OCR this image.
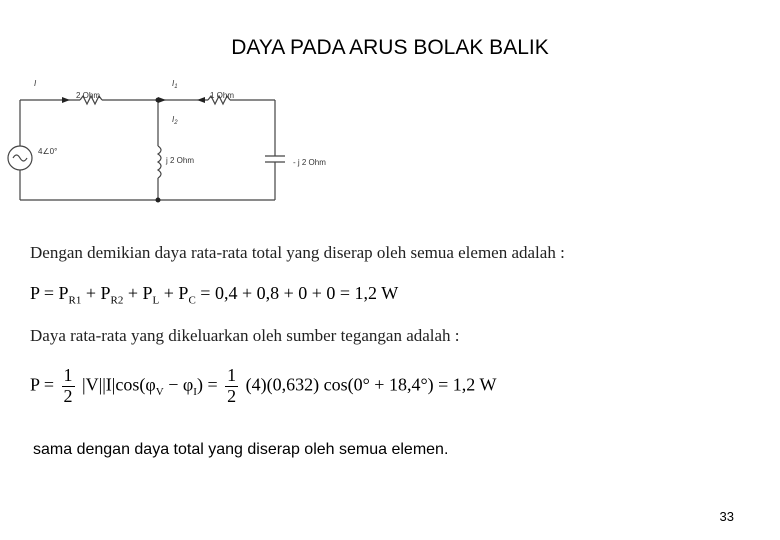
DAYA PADA ARUS BOLAK BALIK
I
2 Ohm
$I_1$
1 Ohm
$I_2$
4∠0°
j 2 Ohm	- j 2 Ohm
Dengan demikian daya rata-rata total yang diserap oleh semua elemen adalah :
$P = P_{R1} + P_{R2} + P_L + P_C = 0,4 + 0,8 + 0 + 0 = 1,2$ W
Daya rata-rata yang dikeluarkan oleh sumber tegangan adalah :
$P = \frac{1}{2} |V||I|\cos(\varphi_V - \varphi_I) = \frac{1}{2} (4)(0,632) \cos(0^\circ + 18,4^\circ) = 1,2$ W
sama dengan daya total yang diserap oleh semua elemen.
33
